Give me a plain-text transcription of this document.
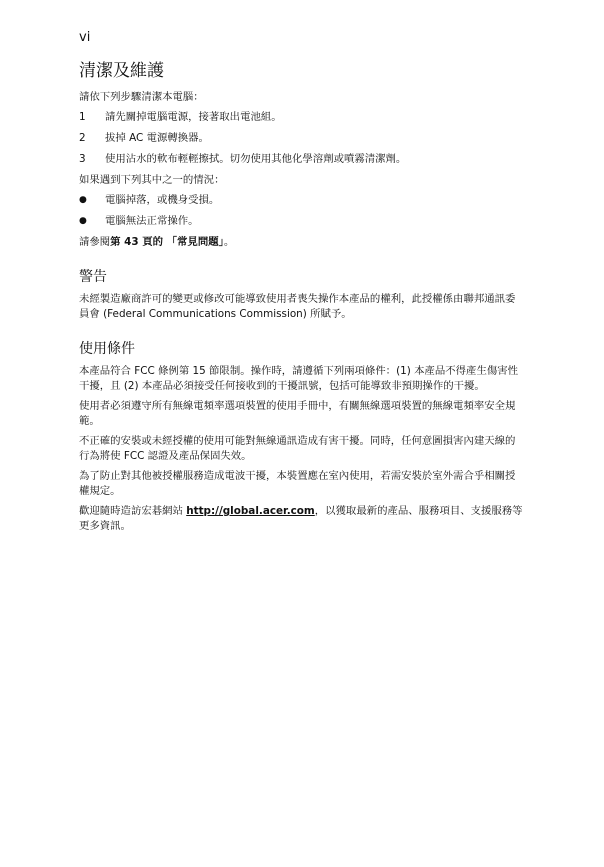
vi
清潔及維護

請依下列步驟清潔本電腦：

1	請先關掉電腦電源，接著取出電池組。
2	拔掉 AC 電源轉換器。
3	使用沾水的軟布輕輕擦拭。切勿使用其他化學溶劑或噴霧清潔劑。

如果遇到下列其中之一的情況：

●	電腦掉落，或機身受損。
●	電腦無法正常操作。

請參閱第 43 頁的 「常見問題」。

警告

未經製造廠商許可的變更或修改可能導致使用者喪失操作本產品的權利，此授權係由聯邦通訊委員會 (Federal Communications Commission) 所賦予。

使用條件

本產品符合 FCC 條例第 15 節限制。操作時，請遵循下列兩項條件：(1) 本產品不得產生傷害性干擾，且 (2) 本產品必須接受任何接收到的干擾訊號，包括可能導致非預期操作的干擾。

使用者必須遵守所有無線電頻率選項裝置的使用手冊中，有關無線選項裝置的無線電頻率安全規範。

不正確的安裝或未經授權的使用可能對無線通訊造成有害干擾。同時，任何意圖損害內建天線的行為將使 FCC 認證及產品保固失效。

為了防止對其他被授權服務造成電波干擾，本裝置應在室內使用，若需安裝於室外需合乎相關授權規定。

歡迎隨時造訪宏碁網站 http://global.acer.com，以獲取最新的產品、服務項目、支援服務等更多資訊。
